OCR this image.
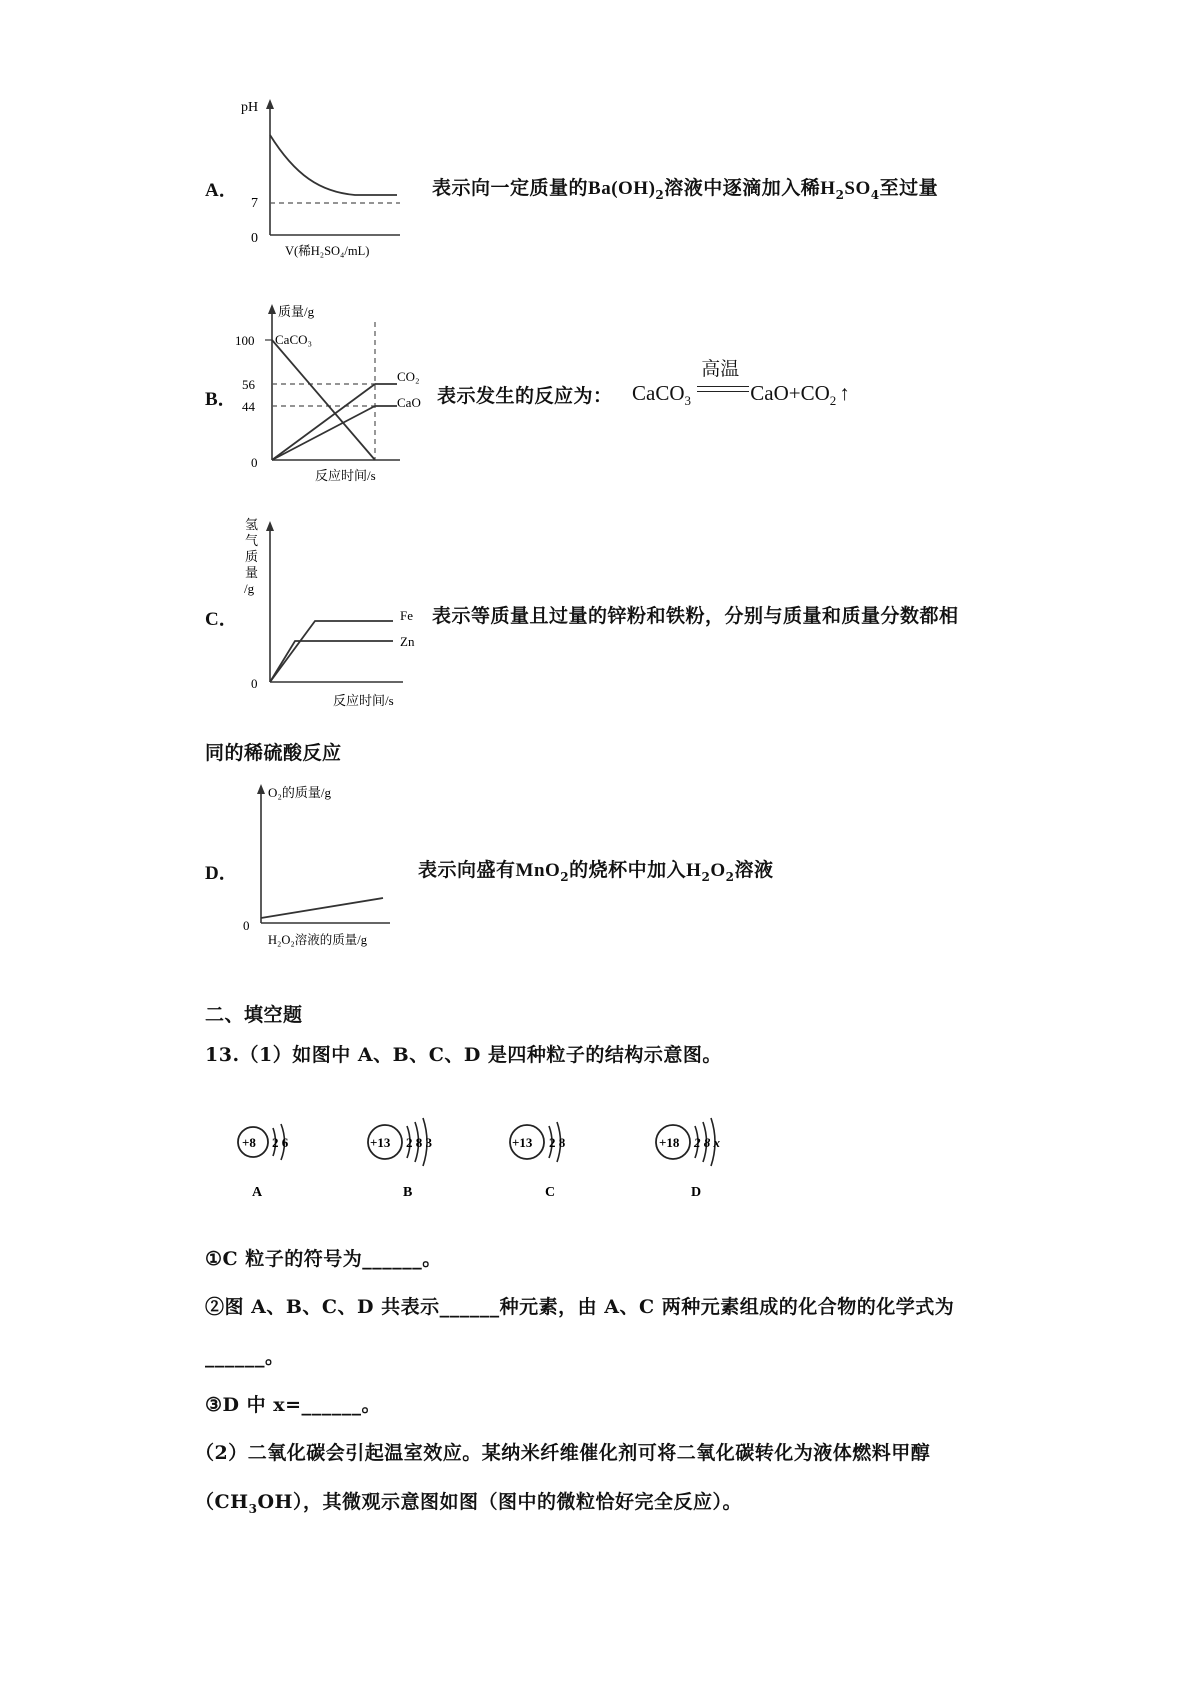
A．
pH
7
0
V(稀H₂SO₄/mL)
表示向一定质量的$Ba(OH)_2$溶液中逐滴加入稀$H_2SO_4$至过量
B．
质量/g
100
56
44
0
CaCO₃
CO₂
CaO
反应时间/s
表示发生的反应为： CaCO$_3$
高温
$CaO+CO_2$ ↑
C．
氢
气
质
量
/g
0
Fe
Zn
反应时间/s
表示等质量且过量的锌粉和铁粉，分别与质量和质量分数都相
同的稀硫酸反应
D．
O₂的质量/g
0
H₂O₂溶液的质量/g
表示向盛有MnO$_2$的烧杯中加入$H_2O_2$溶液
二、填空题
13.（1）如图中 A、B、C、D 是四种粒子的结构示意图。
+8 2 6
A
+13 2 8 3
B
+13 2 8
C
+18 2 8 x
D
①C 粒子的符号为______。
②图 A、B、C、D 共表示______种元素，由 A、C 两种元素组成的化合物的化学式为
______。
③D 中 x=______。
（2）二氧化碳会引起温室效应。某纳米纤维催化剂可将二氧化碳转化为液体燃料甲醇
$(CH_3OH)$，其微观示意图如图（图中的微粒恰好完全反应）。
